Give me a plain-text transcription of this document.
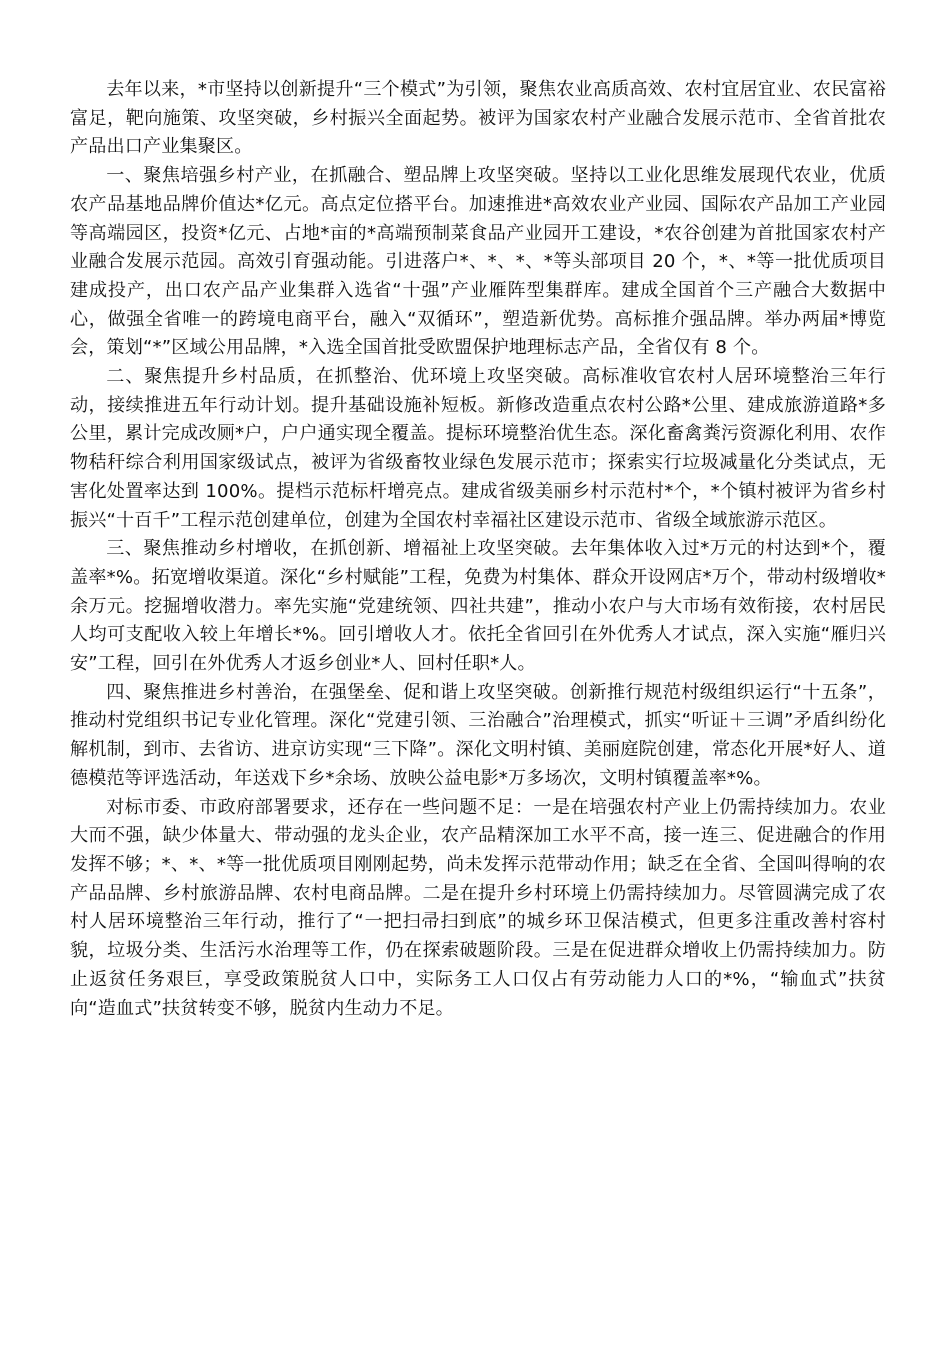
去年以来，*市坚持以创新提升“三个模式”为引领，聚焦农业高质高效、农村宜居宜业、农民富裕富足，靶向施策、攻坚突破，乡村振兴全面起势。被评为国家农村产业融合发展示范市、全省首批农产品出口产业集聚区。

一、聚焦培强乡村产业，在抓融合、塑品牌上攻坚突破。坚持以工业化思维发展现代农业，优质农产品基地品牌价值达*亿元。高点定位搭平台。加速推进*高效农业产业园、国际农产品加工产业园等高端园区，投资*亿元、占地*亩的*高端预制菜食品产业园开工建设，*农谷创建为首批国家农村产业融合发展示范园。高效引育强动能。引进落户*、*、*、*等头部项目 20 个，*、*等一批优质项目建成投产，出口农产品产业集群入选省“十强”产业雁阵型集群库。建成全国首个三产融合大数据中心，做强全省唯一的跨境电商平台，融入“双循环”，塑造新优势。高标推介强品牌。举办两届*博览会，策划“*”区域公用品牌，*入选全国首批受欧盟保护地理标志产品，全省仅有 8 个。

二、聚焦提升乡村品质，在抓整治、优环境上攻坚突破。高标准收官农村人居环境整治三年行动，接续推进五年行动计划。提升基础设施补短板。新修改造重点农村公路*公里、建成旅游道路*多公里，累计完成改厕*户，户户通实现全覆盖。提标环境整治优生态。深化畜禽粪污资源化利用、农作物秸秆综合利用国家级试点，被评为省级畜牧业绿色发展示范市；探索实行垃圾减量化分类试点，无害化处置率达到 100%。提档示范标杆增亮点。建成省级美丽乡村示范村*个，*个镇村被评为省乡村振兴“十百千”工程示范创建单位，创建为全国农村幸福社区建设示范市、省级全域旅游示范区。

三、聚焦推动乡村增收，在抓创新、增福祉上攻坚突破。去年集体收入过*万元的村达到*个，覆盖率*%。拓宽增收渠道。深化“乡村赋能”工程，免费为村集体、群众开设网店*万个，带动村级增收*余万元。挖掘增收潜力。率先实施“党建统领、四社共建”，推动小农户与大市场有效衔接，农村居民人均可支配收入较上年增长*%。回引增收人才。依托全省回引在外优秀人才试点，深入实施“雁归兴安”工程，回引在外优秀人才返乡创业*人、回村任职*人。

四、聚焦推进乡村善治，在强堡垒、促和谐上攻坚突破。创新推行规范村级组织运行“十五条”，推动村党组织书记专业化管理。深化“党建引领、三治融合”治理模式，抓实“听证＋三调”矛盾纠纷化解机制，到市、去省访、进京访实现“三下降”。深化文明村镇、美丽庭院创建，常态化开展*好人、道德模范等评选活动，年送戏下乡*余场、放映公益电影*万多场次，文明村镇覆盖率*%。

对标市委、市政府部署要求，还存在一些问题不足：一是在培强农村产业上仍需持续加力。农业大而不强，缺少体量大、带动强的龙头企业，农产品精深加工水平不高，接一连三、促进融合的作用发挥不够；*、*、*等一批优质项目刚刚起势，尚未发挥示范带动作用；缺乏在全省、全国叫得响的农产品品牌、乡村旅游品牌、农村电商品牌。二是在提升乡村环境上仍需持续加力。尽管圆满完成了农村人居环境整治三年行动，推行了“一把扫帚扫到底”的城乡环卫保洁模式，但更多注重改善村容村貌，垃圾分类、生活污水治理等工作，仍在探索破题阶段。三是在促进群众增收上仍需持续加力。防止返贫任务艰巨，享受政策脱贫人口中，实际务工人口仅占有劳动能力人口的*%，“输血式”扶贫向“造血式”扶贫转变不够，脱贫内生动力不足。
